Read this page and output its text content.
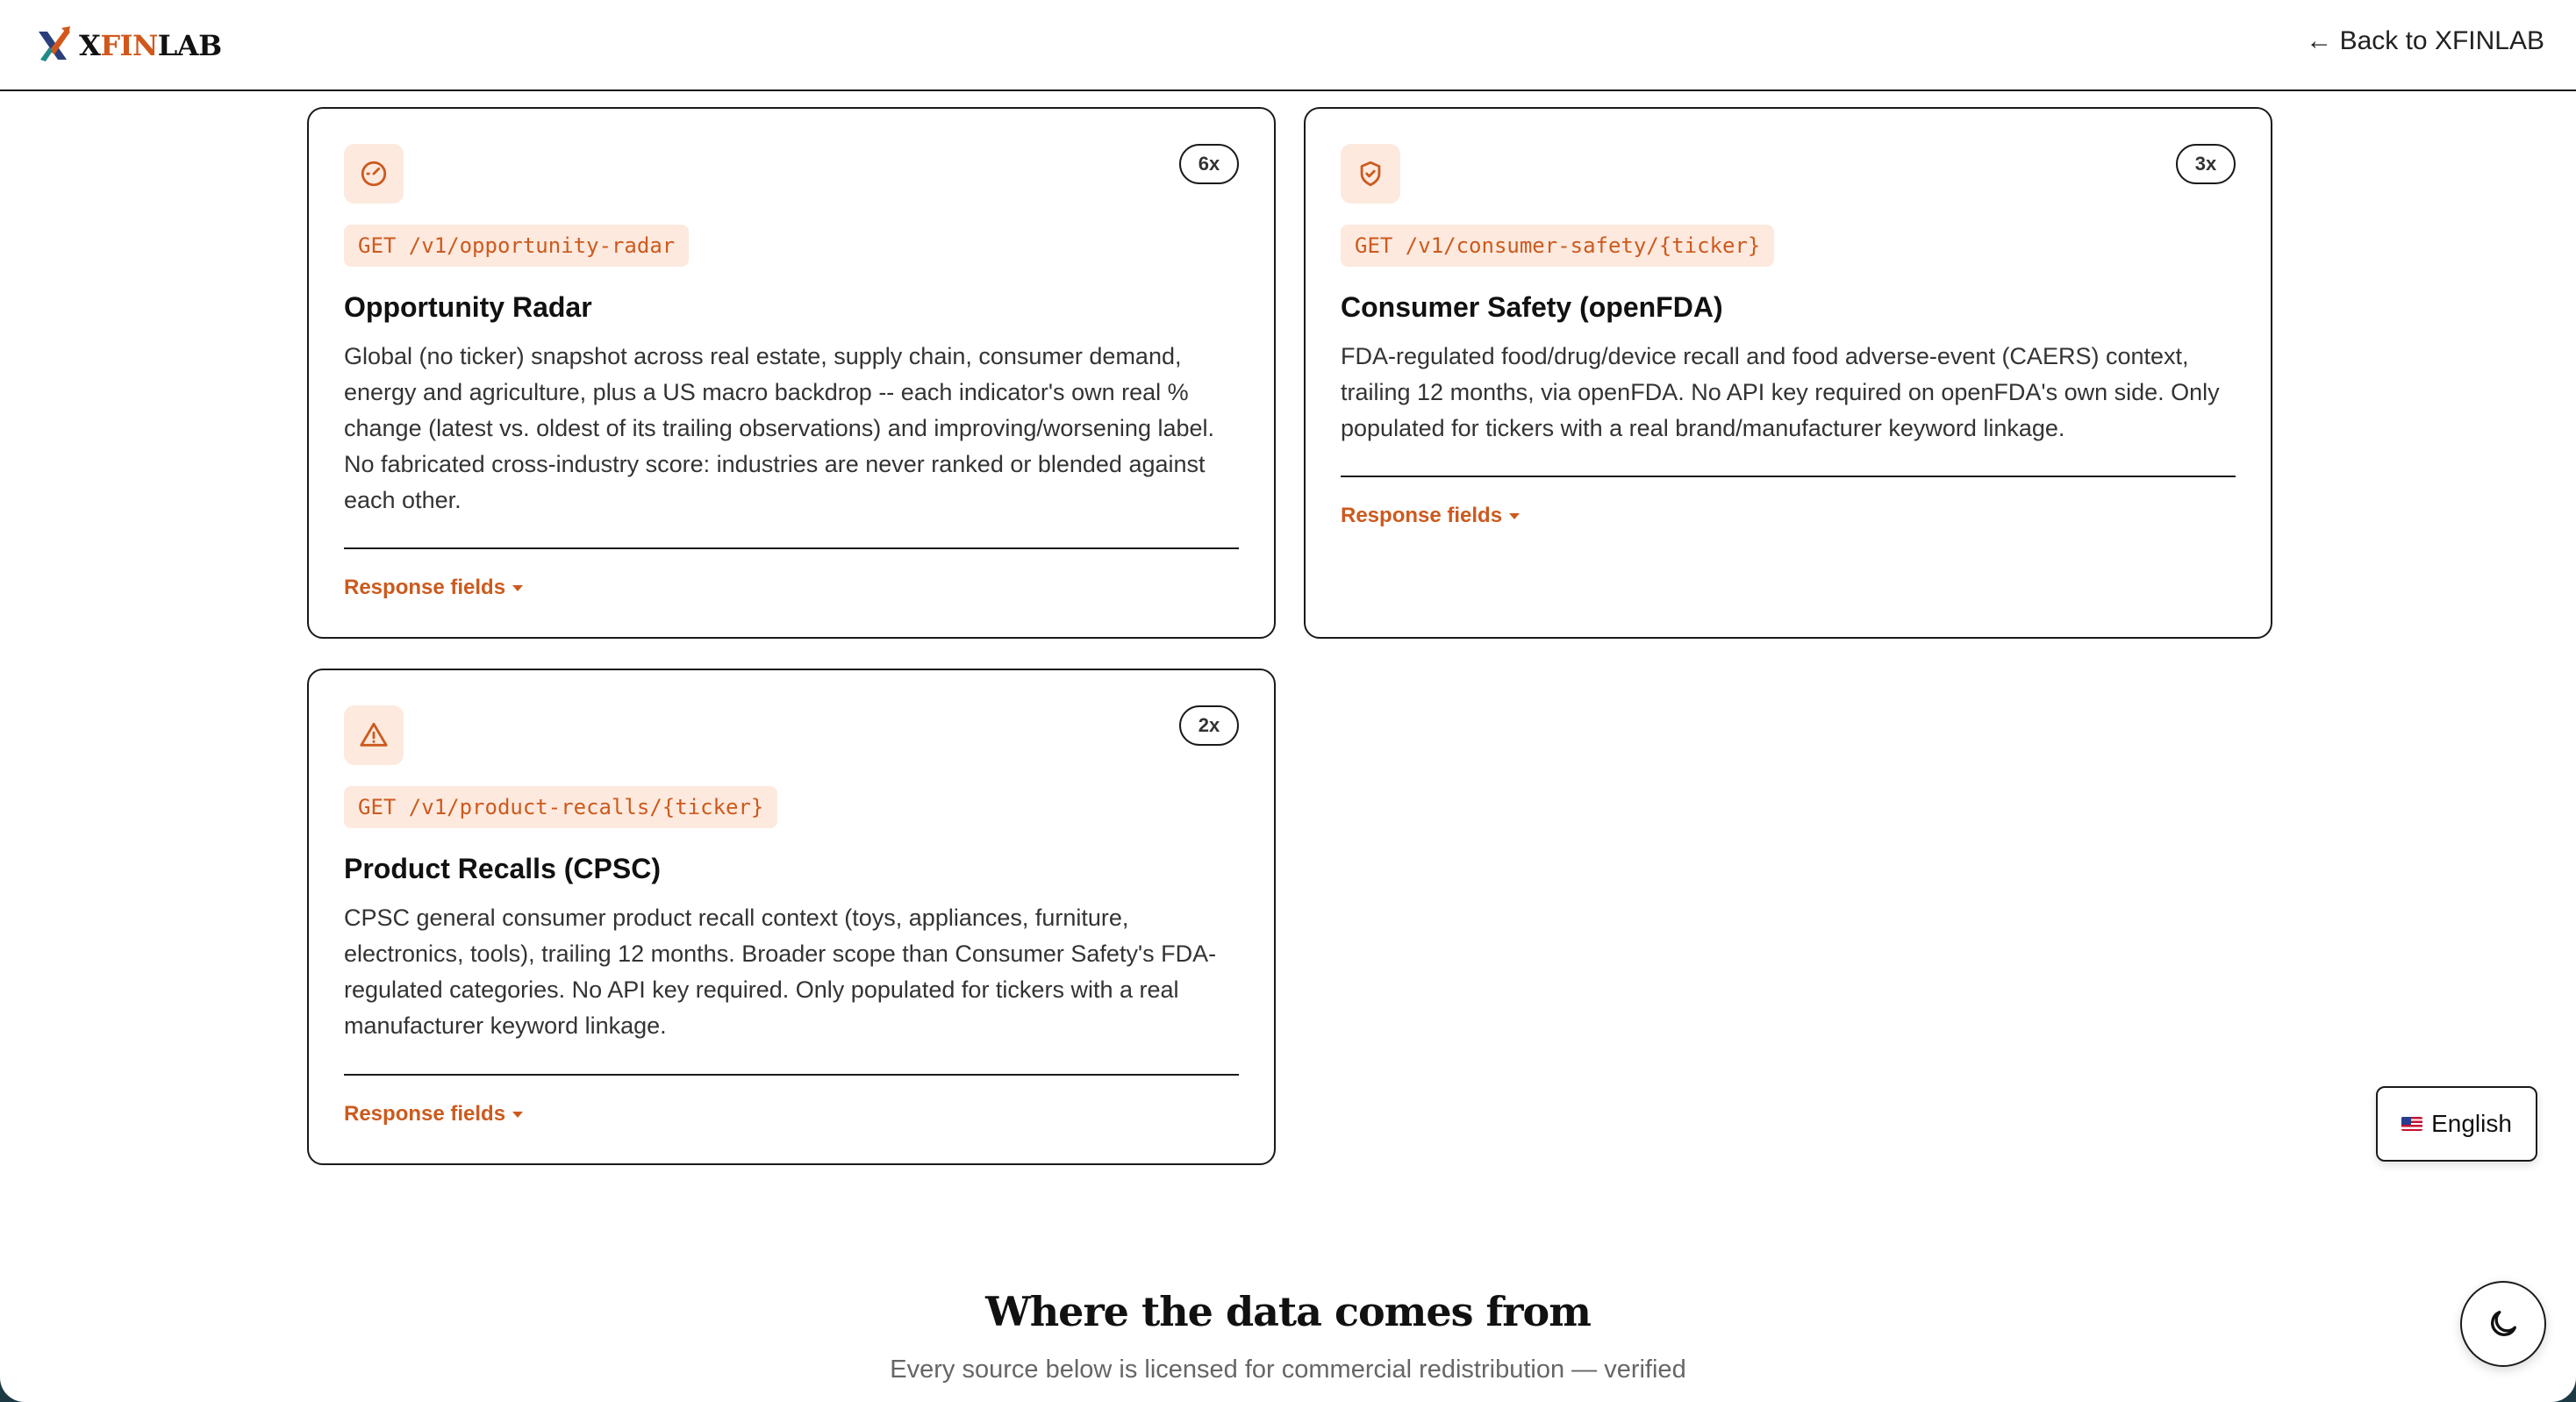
XFINLAB	← Back to XFINLAB
6x
GET /v1/opportunity-radar
Opportunity Radar
Global (no ticker) snapshot across real estate, supply chain, consumer demand, energy and agriculture, plus a US macro backdrop -- each indicator's own real % change (latest vs. oldest of its trailing observations) and improving/worsening label. No fabricated cross-industry score: industries are never ranked or blended against each other.
Response fields
3x
GET /v1/consumer-safety/{ticker}
Consumer Safety (openFDA)
FDA-regulated food/drug/device recall and food adverse-event (CAERS) context, trailing 12 months, via openFDA. No API key required on openFDA's own side. Only populated for tickers with a real brand/manufacturer keyword linkage.
Response fields
2x
GET /v1/product-recalls/{ticker}
Product Recalls (CPSC)
CPSC general consumer product recall context (toys, appliances, furniture, electronics, tools), trailing 12 months. Broader scope than Consumer Safety's FDA-regulated categories. No API key required. Only populated for tickers with a real manufacturer keyword linkage.
Response fields	English
Where the data comes from

Every source below is licensed for commercial redistribution — verified
